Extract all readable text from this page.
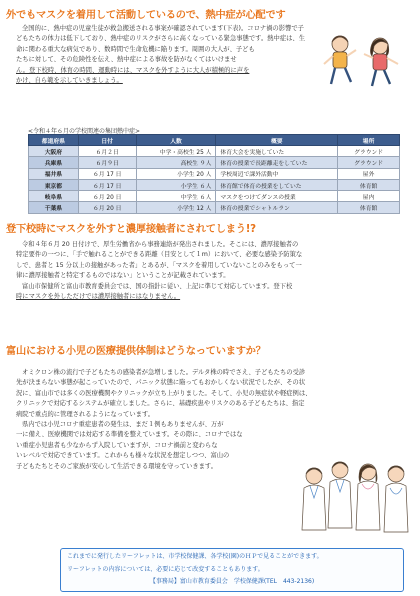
外でもマスクを着用して活動しているので、熱中症が心配です

全国的に、熱中症の児童生徒が救急搬送される事案が確認されています(下表)。コロナ禍の影響で子

どもたちの体力は低下しており、熱中症のリスクがさらに高くなっている緊急事態です。熱中症は、生
命に関わる重大な病気であり、数時間で生命危機に陥ります。周囲の大人が、子ども
たちに対して、その危険性を伝え、熱中症による事故を防がなくてはいけませ
ん。登下校時、体育の時間、運動時には、マスクを外すように大人が積極的に声を
かけ、自ら範を示していきましょう。
<令和４年６月の学校関連の集団熱中症>
都道府県	日付	人数	概要	場所
大阪府	６月２日	中学・高校生 25 人	体育大会を実施していた	グラウンド
兵庫県	６月９日	高校生 ９人	体育の授業で長距離走をしていた	グラウンド
福井県	６月 17 日	小学生 20 人	学校周辺で課外活動中	屋外
東京都	６月 17 日	小学生 ６人	体育館で体育の授業をしていた	体育館
岐阜県	６月 20 日	中学生 ６人	マスクをつけてダンスの授業	屋内
千葉県	６月 20 日	小学生 12 人	体育の授業でシャトルラン	体育館
登下校時にマスクを外すと濃厚接触者にされてしまう!?

令和４年６月 20 日付けで、厚生労働省から事務連絡が発出されました。そこには、濃厚接触者の

特定要件の一つに、「手で触れることができる距離（目安として１m）において、必要な感染予防策な
しで、患者と 15 分以上の接触があった者」とあるが、「マスクを着用していないことのみをもって一
律に濃厚接触者と特定するものではない」ということが記載されています。

富山市保健所と富山市教育委員会では、国の指針に従い、上記に準じて対応しています。登下校

時にマスクを外しただけでは濃厚接触者にはなりません。
富山における小児の医療提供体制はどうなっていますか？

オミクロン株の流行で子どもたちの感染者が急増しました。デルタ株の時でさえ、子どもたちの受診

先が決まらない事態が起こっていたので、パニック状態に陥ってもおかしくない状況でしたが、その状
況に、富山市では多くの医療機関やクリニックが立ち上がりました。そして、小児の無症状や軽症例は、
クリニックで対応するシステムが確立しました。さらに、基礎疾患やリスクのある子どもたちは、指定
病院で重点的に管理されるようになっています。

県内では小児コロナ重症患者の発生は、まだ１例もありませんが、万が

一に備え、医療機関では対応する準備を整えています。その際に、コロナではな
い重症小児患者も少なからず入院していますが、コロナ禍前と変わらな
いレベルで対応できています。これからも様々な状況を想定しつつ、富山の
子どもたちとそのご家族が安心して生活できる環境を守っていきます。
これまでに発行したリーフレットは、市学校保健課、各学校(園)のＨＰで見ることができます。
リーフレットの内容については、必要に応じて改変することもあります。
【事務局】富山市教育委員会　学校保健課(TEL　443-2136)
